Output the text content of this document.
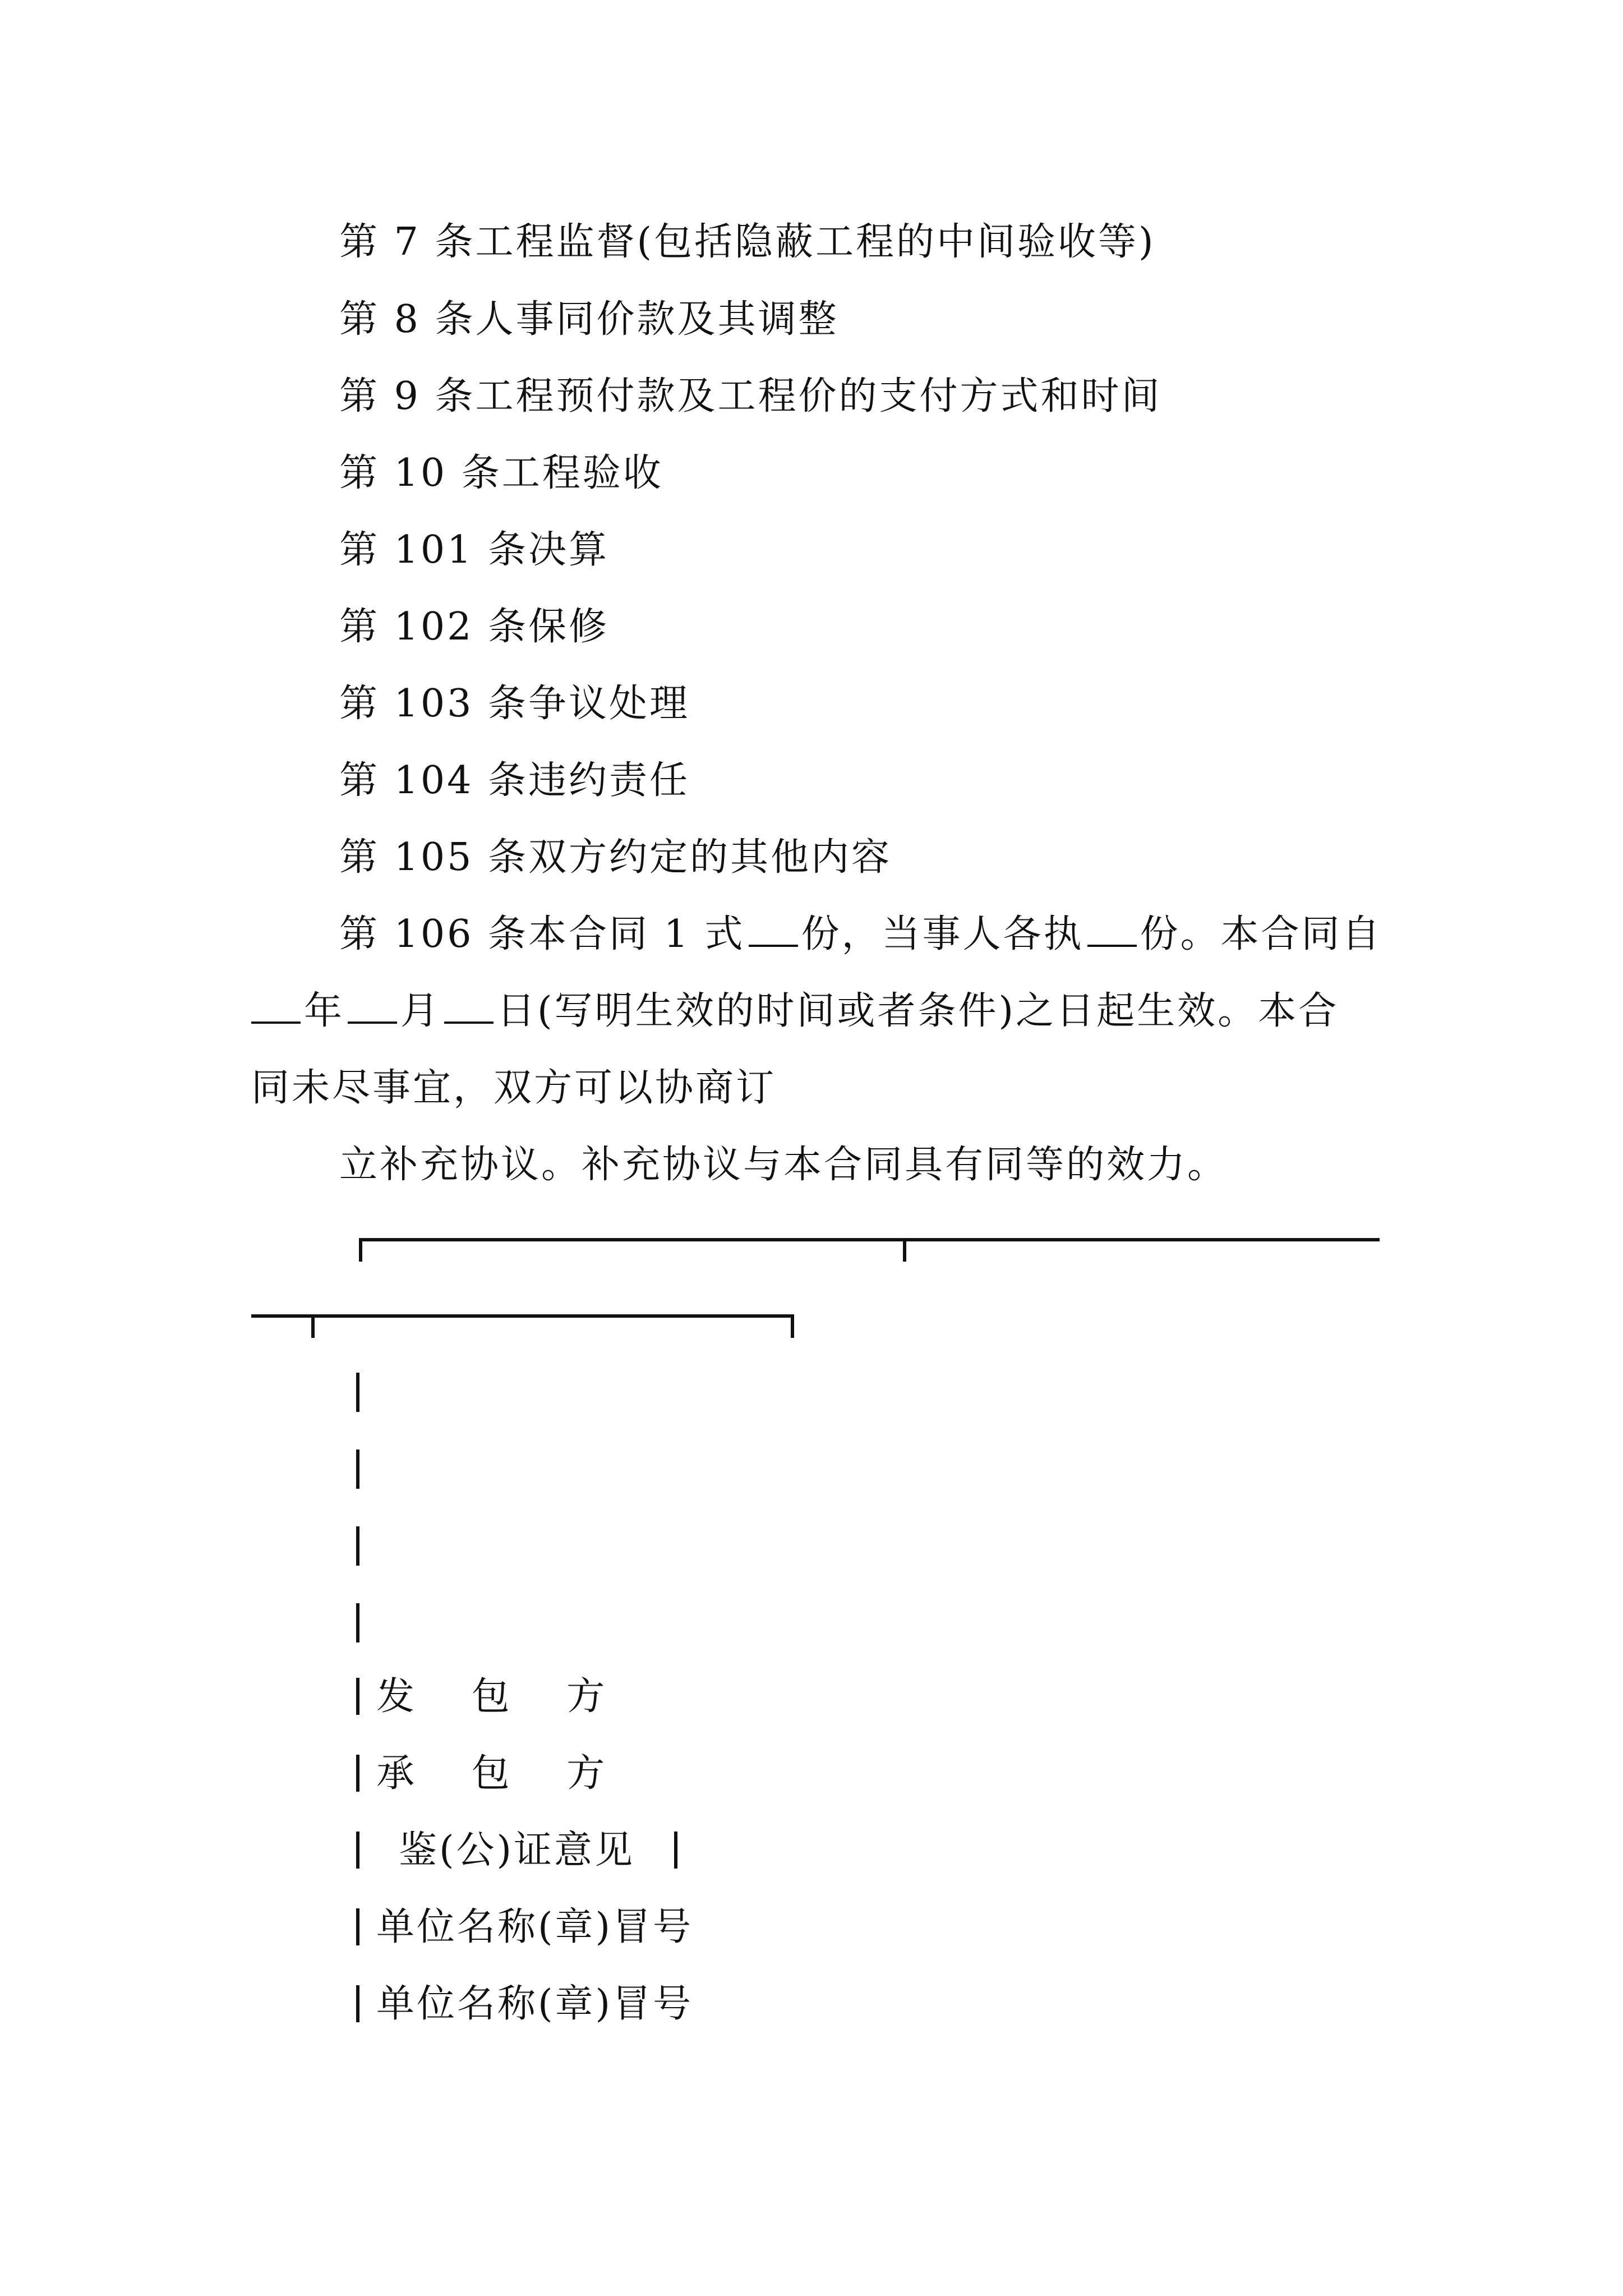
第 7 条工程监督(包括隐蔽工程的中间验收等)
第 8 条人事同价款及其调整
第 9 条工程预付款及工程价的支付方式和时间
第 10 条工程验收
第 101 条决算
第 102 条保修
第 103 条争议处理
第 104 条违约责任
第 105 条双方约定的其他内容
第 106 条本合同 1 式 份，当事人各执 份。本合同自
年 月 日(写明生效的时间或者条件)之日起生效。本合
同未尽事宜，双方可以协商订
立补充协议。补充协议与本合同具有同等的效力。
发 包 方
承 包 方
鉴(公)证意见
单位名称(章)冒号
单位名称(章)冒号
